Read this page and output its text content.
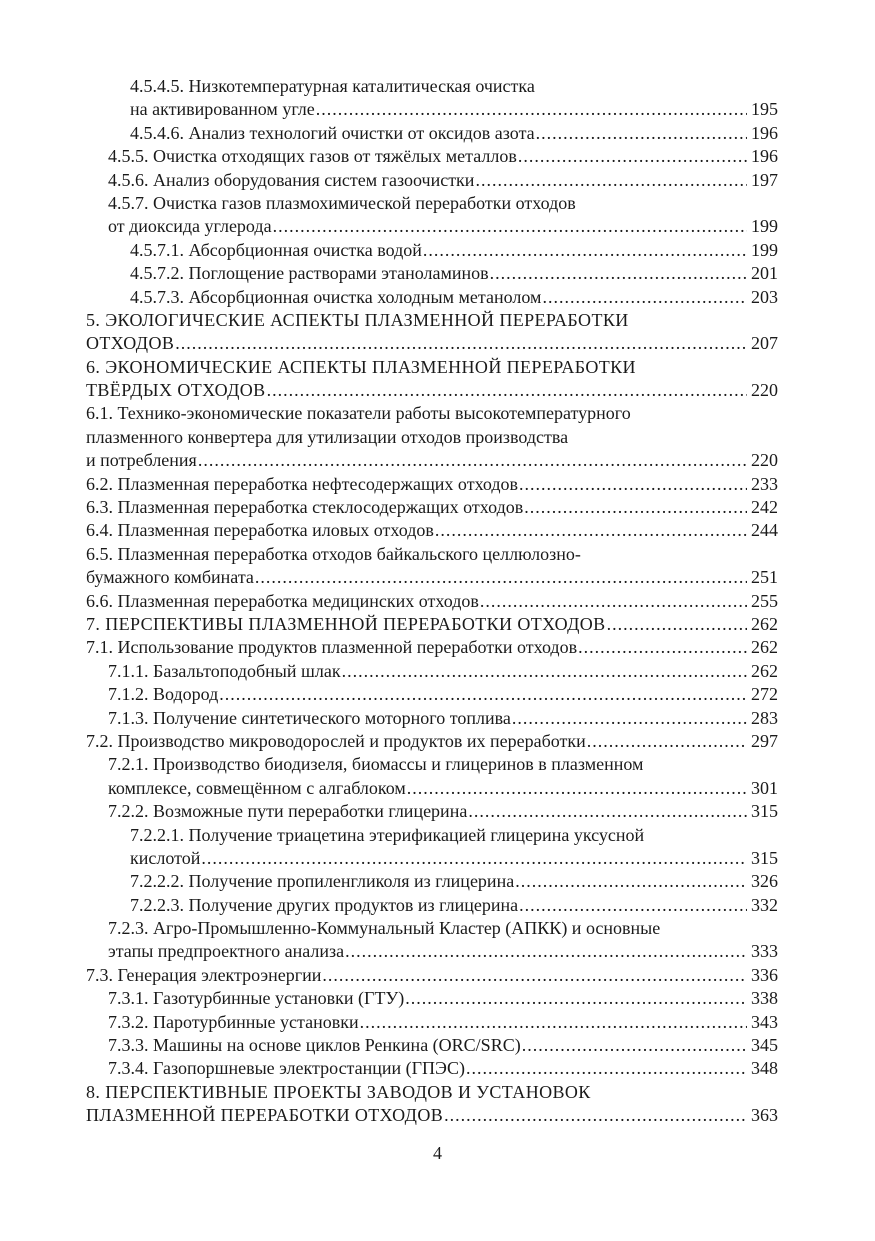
4.5.4.5. Низкотемпературная каталитическая очистка
на активированном угле .....	195
4.5.4.6. Анализ технологий очистки от оксидов азота .....	196
4.5.5. Очистка отходящих газов от тяжёлых металлов .....	196
4.5.6. Анализ оборудования систем газоочистки .....	197
4.5.7. Очистка газов плазмохимической переработки отходов
от диоксида углерода .....	199
4.5.7.1. Абсорбционная очистка водой .....	199
4.5.7.2. Поглощение растворами этаноламинов .....	201
4.5.7.3. Абсорбционная очистка холодным метанолом .....	203
5. ЭКОЛОГИЧЕСКИЕ АСПЕКТЫ ПЛАЗМЕННОЙ ПЕРЕРАБОТКИ
ОТХОДОВ .....	207
6. ЭКОНОМИЧЕСКИЕ АСПЕКТЫ ПЛАЗМЕННОЙ ПЕРЕРАБОТКИ
ТВЁРДЫХ ОТХОДОВ .....	220
6.1. Технико-экономические показатели работы высокотемпературного
плазменного конвертера для утилизации отходов производства
и потребления .....	220
6.2. Плазменная переработка нефтесодержащих отходов .....	233
6.3. Плазменная переработка стеклосодержащих отходов .....	242
6.4. Плазменная переработка иловых отходов .....	244
6.5. Плазменная переработка отходов байкальского целлюлозно-
бумажного комбината .....	251
6.6. Плазменная переработка медицинских отходов .....	255
7. ПЕРСПЕКТИВЫ ПЛАЗМЕННОЙ ПЕРЕРАБОТКИ ОТХОДОВ .....	262
7.1. Использование продуктов плазменной переработки отходов .....	262
7.1.1. Базальтоподобный шлак .....	262
7.1.2. Водород .....	272
7.1.3. Получение синтетического моторного топлива .....	283
7.2. Производство микроводорослей и продуктов их переработки .....	297
7.2.1. Производство биодизеля, биомассы и глицеринов в плазменном
комплексе, совмещённом с алгаблоком .....	301
7.2.2. Возможные пути переработки глицерина .....	315
7.2.2.1. Получение триацетина этерификацией глицерина уксусной
кислотой .....	315
7.2.2.2. Получение пропиленгликоля из глицерина .....	326
7.2.2.3. Получение других продуктов из глицерина .....	332
7.2.3. Агро-Промышленно-Коммунальный Кластер (АПКК) и основные
этапы предпроектного анализа .....	333
7.3. Генерация электроэнергии .....	336
7.3.1. Газотурбинные установки (ГТУ) .....	338
7.3.2. Паротурбинные установки .....	343
7.3.3. Машины на основе циклов Ренкина (ORC/SRC) .....	345
7.3.4. Газопоршневые электростанции (ГПЭС) .....	348
8. ПЕРСПЕКТИВНЫЕ ПРОЕКТЫ ЗАВОДОВ И УСТАНОВОК
ПЛАЗМЕННОЙ ПЕРЕРАБОТКИ ОТХОДОВ .....	363
4
